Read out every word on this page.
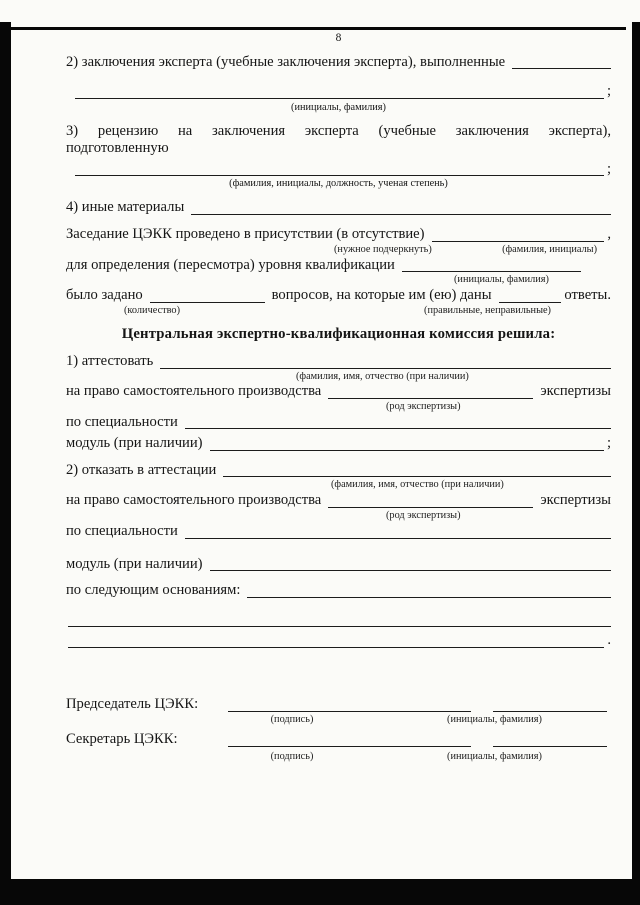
8
2) заключения эксперта (учебные заключения эксперта), выполненные
;
(инициалы, фамилия)
3) рецензию на заключения эксперта (учебные заключения эксперта),
подготовленную
;
(фамилия, инициалы, должность, ученая степень)
4) иные материалы
Заседание ЦЭКК проведено в присутствии (в отсутствие)	,
(нужное подчеркнуть)	(фамилия, инициалы)
для определения (пересмотра) уровня квалификации
(инициалы, фамилия)
было задано	вопросов, на которые им (ею) даны	ответы.
(количество)	(правильные, неправильные)
Центральная экспертно-квалификационная комиссия решила:
1) аттестовать
(фамилия, имя, отчество (при наличии)
на право самостоятельного производства	экспертизы
(род экспертизы)
по специальности
модуль (при наличии)	;
2) отказать в аттестации
(фамилия, имя, отчество (при наличии)
на право самостоятельного производства	экспертизы
(род экспертизы)
по специальности
модуль (при наличии)
по следующим основаниям:
.
Председатель ЦЭКК:
(подпись)	(инициалы, фамилия)
Секретарь ЦЭКК:
(подпись)	(инициалы, фамилия)
